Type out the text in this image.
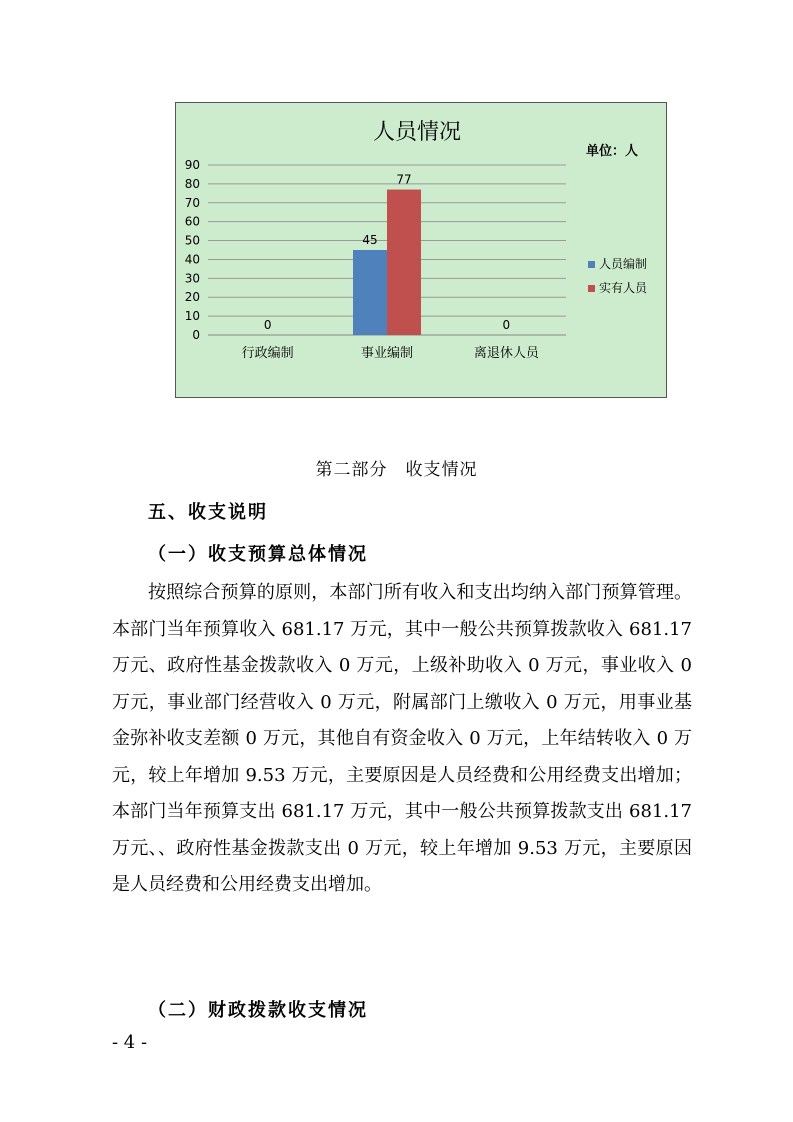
人员情况
单位：人
0
10
20
30
40
50
60
70
80
90
行政编制
0
事业编制
45
77
离退休人员
0
人员编制
实有人员
第二部分　收支情况
五、收支说明
（一）收支预算总体情况
按照综合预算的原则，本部门所有收入和支出均纳入部门预算管理。本部门当年预算收入 681.17 万元，其中一般公共预算拨款收入 681.17 万元、政府性基金拨款收入 0 万元，上级补助收入 0 万元，事业收入 0 万元，事业部门经营收入 0 万元，附属部门上缴收入 0 万元，用事业基金弥补收支差额 0 万元，其他自有资金收入 0 万元，上年结转收入 0 万元，较上年增加 9.53 万元，主要原因是人员经费和公用经费支出增加；本部门当年预算支出 681.17 万元，其中一般公共预算拨款支出 681.17 万元、、政府性基金拨款支出 0 万元，较上年增加 9.53 万元，主要原因是人员经费和公用经费支出增加。
（二）财政拨款收支情况
- 4 -
